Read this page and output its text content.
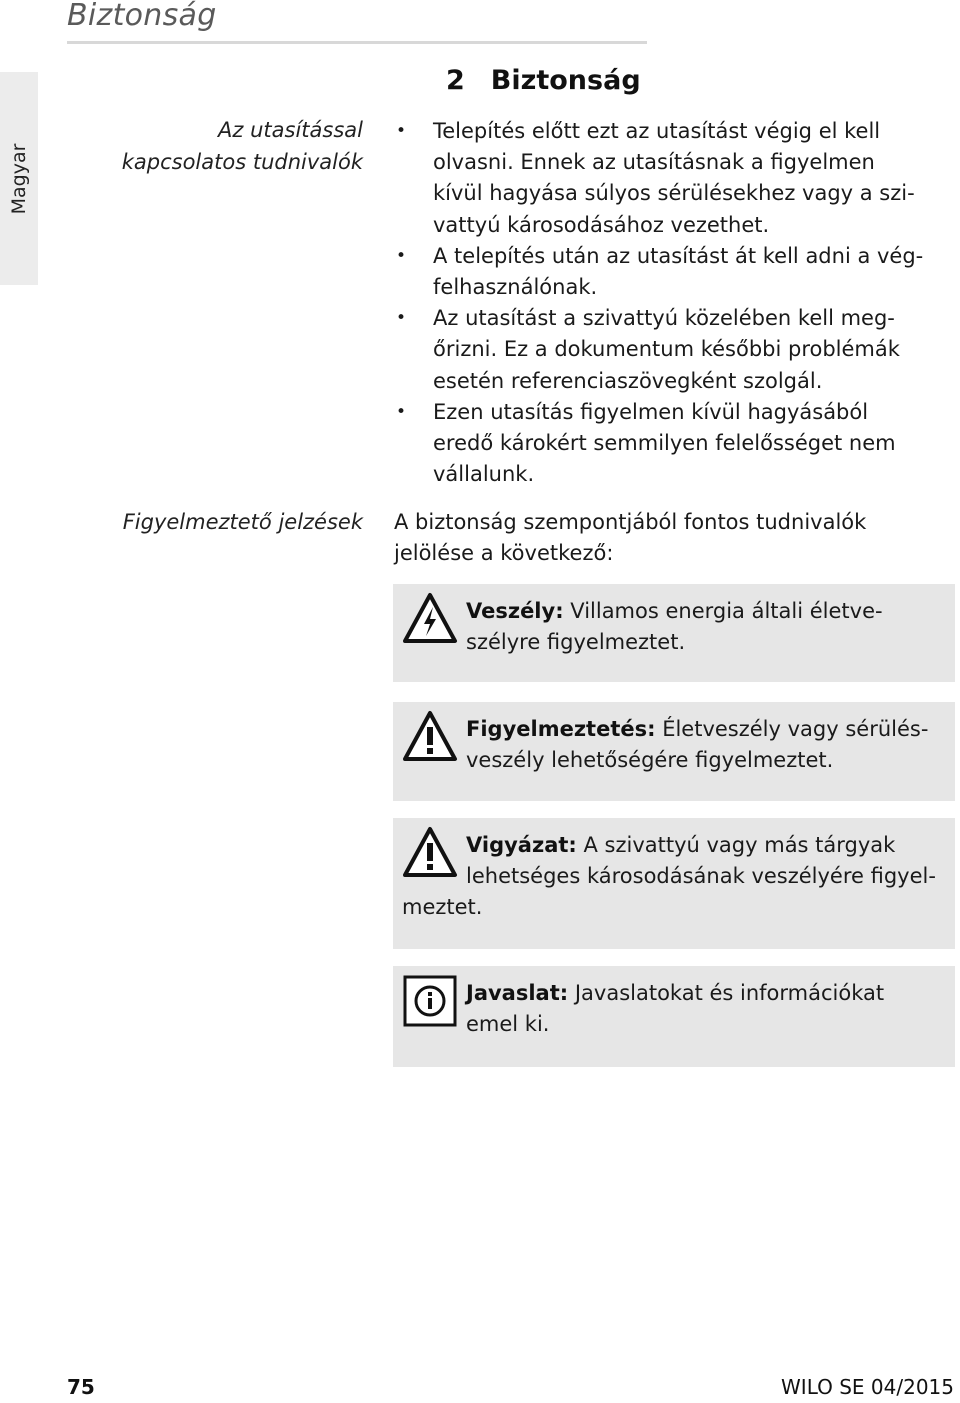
Biztonság
Magyar
2 Biztonság
Az utasítással
kapcsolatos tudnivalók
• Telepítés előtt ezt az utasítást végig el kell
olvasni. Ennek az utasításnak a figyelmen
kívül hagyása súlyos sérülésekhez vagy a szi-
vattyú károsodásához vezethet.
• A telepítés után az utasítást át kell adni a vég-
felhasználónak.
• Az utasítást a szivattyú közelében kell meg-
őrizni. Ez a dokumentum későbbi problémák
esetén referenciaszövegként szolgál.
• Ezen utasítás figyelmen kívül hagyásából
eredő károkért semmilyen felelősséget nem
vállalunk.
Figyelmeztető jelzések A biztonság szempontjából fontos tudnivalók
jelölése a következő:
Veszély: Villamos energia általi életve-
szélyre figyelmeztet.
Figyelmeztetés: Életveszély vagy sérülés-
veszély lehetőségére figyelmeztet.
Vigyázat: A szivattyú vagy más tárgyak
lehetséges károsodásának veszélyére figyel-
meztet.
Javaslat: Javaslatokat és információkat
emel ki.
75	WILO SE 04/2015
